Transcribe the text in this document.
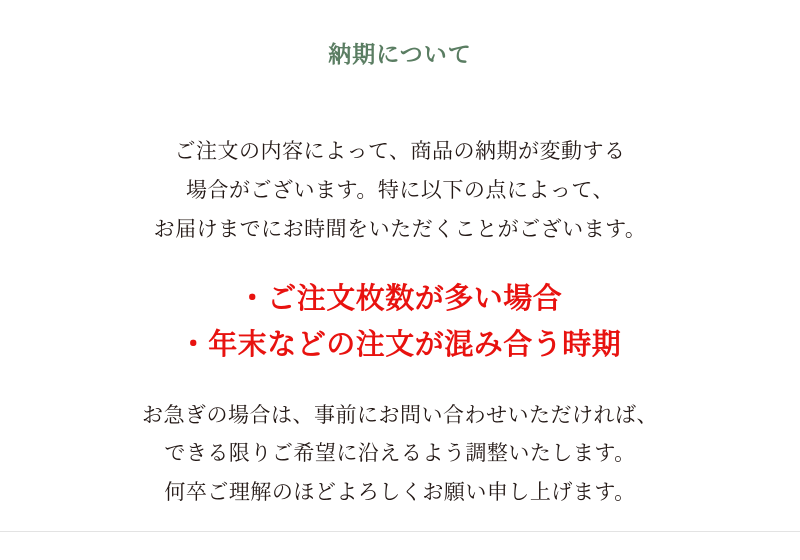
納期について
ご注文の内容によって、商品の納期が変動する
場合がございます。特に以下の点によって、
お届けまでにお時間をいただくことがございます。
・ご注文枚数が多い場合
・年末などの注文が混み合う時期
お急ぎの場合は、事前にお問い合わせいただければ、
できる限りご希望に沿えるよう調整いたします。
何卒ご理解のほどよろしくお願い申し上げます。
